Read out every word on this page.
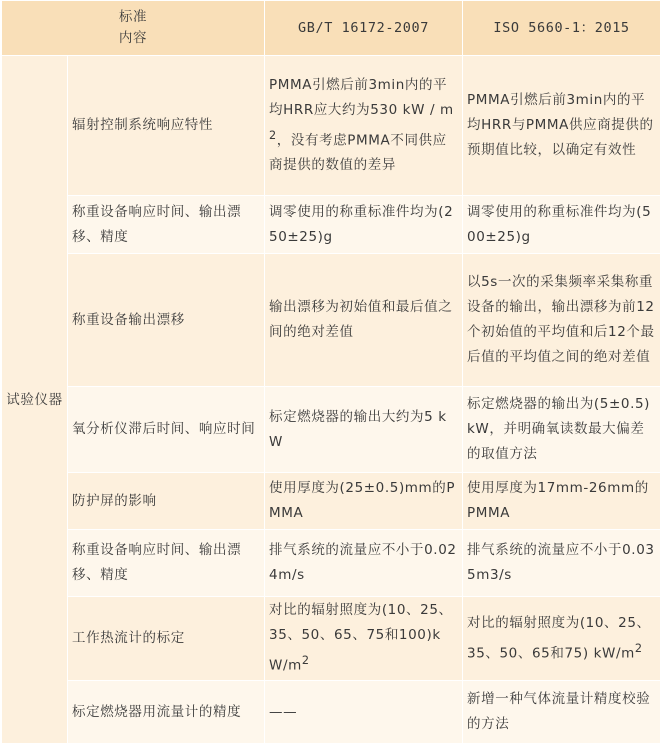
标准
内容		GB/T 16172-2007	ISO 5660-1：2015
试验仪器	辐射控制系统响应特性	PMMA引燃后前3min内的平均HRR应大约为530 kW / $m^2$，没有考虑PMMA不同供应商提供的数值的差异	PMMA引燃后前3min内的平均HRR与PMMA供应商提供的预期值比较，以确定有效性
	称重设备响应时间、输出漂移、精度	调零使用的称重标准件均为(250±25)g	调零使用的称重标准件均为(500±25)g
	称重设备输出漂移	输出漂移为初始值和最后值之间的绝对差值	以5s一次的采集频率采集称重设备的输出，输出漂移为前12个初始值的平均值和后12个最后值的平均值之间的绝对差值
	氧分析仪滞后时间、响应时间	标定燃烧器的输出大约为5 kW	标定燃烧器的输出为(5±0.5)kW，并明确氧读数最大偏差的取值方法
	防护屏的影响	使用厚度为(25±0.5)mm的PMMA	使用厚度为17mm-26mm的PMMA
	称重设备响应时间、输出漂移、精度	排气系统的流量应不小于0.024m/s	排气系统的流量应不小于0.035m3/s
	工作热流计的标定	对比的辐射照度为(10、25、35、50、65、75和$100)kW/m^2$	对比的辐射照度为(10、25、35、50、65和75) $kW/m^2$
	标定燃烧器用流量计的精度	——	新增一种气体流量计精度校验的方法
